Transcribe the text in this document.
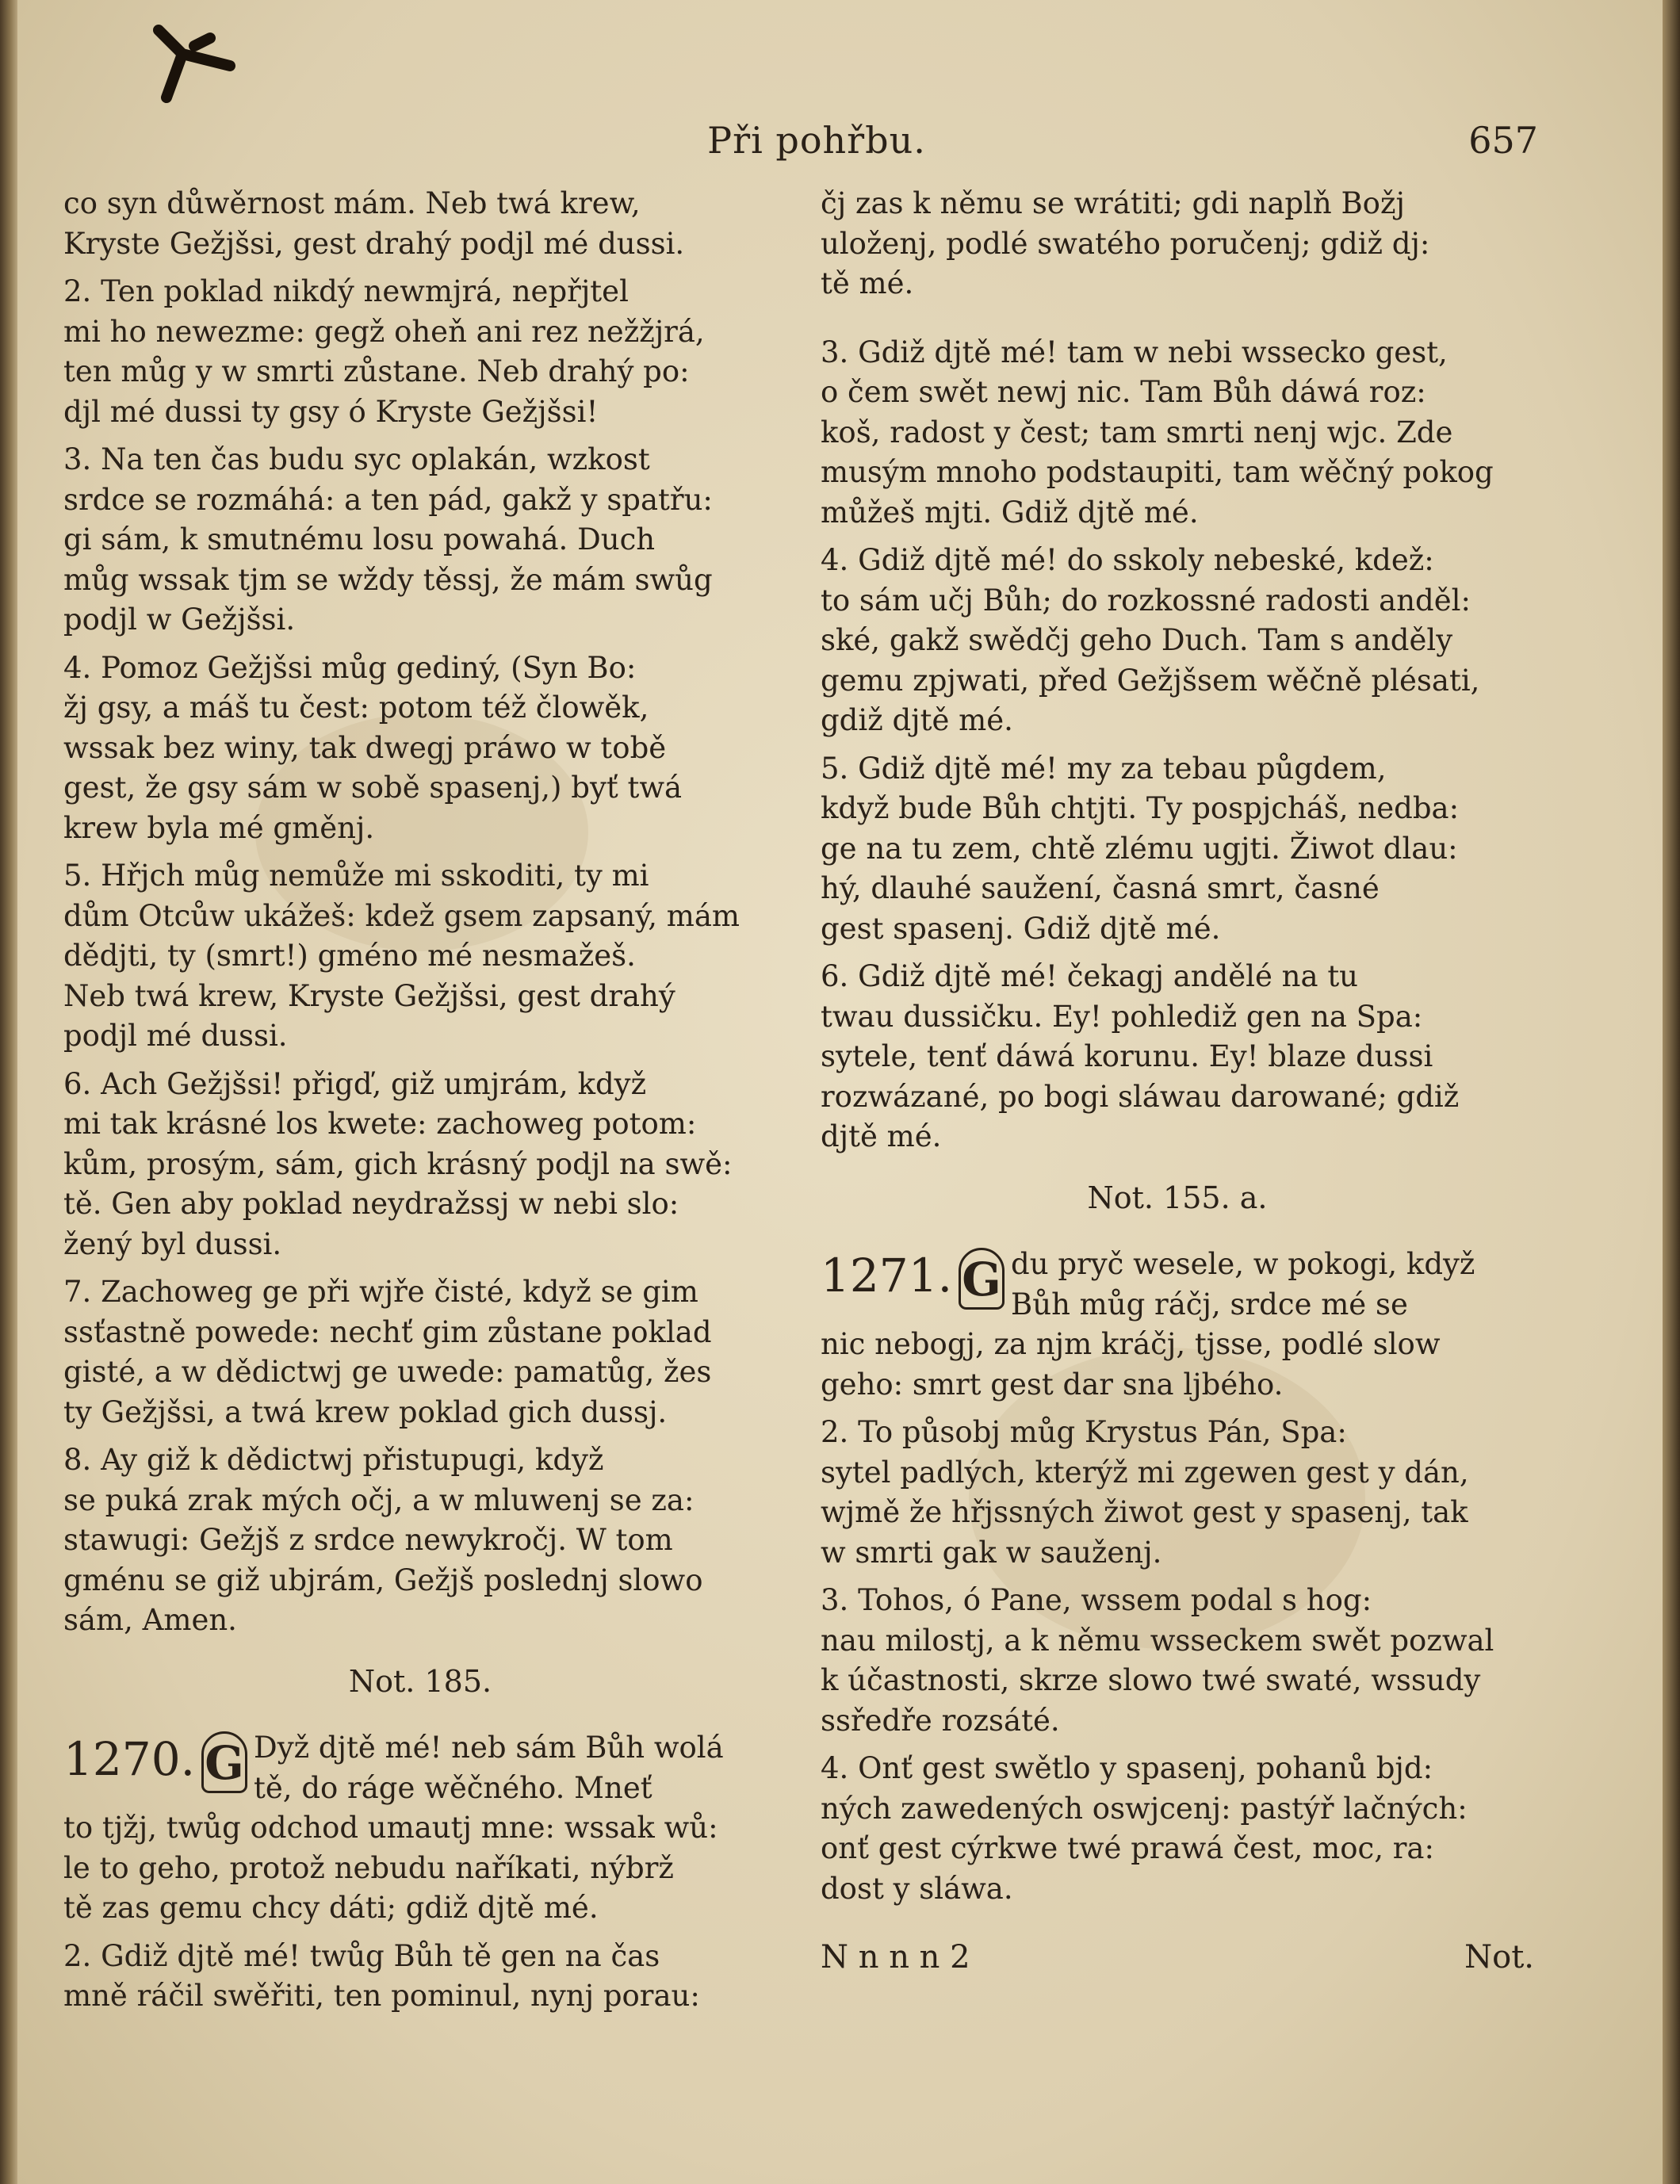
Při pohřbu.	657
co syn důwěrnost mám. Neb twá krew,
Kryste Gežjšsi, gest drahý podjl mé dussi.
2. Ten poklad nikdý newmjrá, nepřjtel
mi ho newezme: gegž oheň ani rez nežžjrá,
ten můg y w smrti zůstane. Neb drahý po:
djl mé dussi ty gsy ó Kryste Gežjšsi!
3. Na ten čas budu syc oplakán, wzkost
srdce se rozmáhá: a ten pád, gakž y spatřu:
gi sám, k smutnému losu powahá. Duch
můg wssak tjm se wždy těssj, že mám swůg
podjl w Gežjšsi.
4. Pomoz Gežjšsi můg gediný, (Syn Bo:
žj gsy, a máš tu čest: potom též člowěk,
wssak bez winy, tak dwegj práwo w tobě
gest, že gsy sám w sobě spasenj,) byť twá
krew byla mé gměnj.
5. Hřjch můg nemůže mi sskoditi, ty mi
dům Otcůw ukážeš: kdež gsem zapsaný, mám
dědjti, ty (smrt!) gméno mé nesmažeš.
Neb twá krew, Kryste Gežjšsi, gest drahý
podjl mé dussi.
6. Ach Gežjšsi! přigď, giž umjrám, když
mi tak krásné los kwete: zachoweg potom:
kům, prosým, sám, gich krásný podjl na swě:
tě. Gen aby poklad neydražssj w nebi slo:
žený byl dussi.
7. Zachoweg ge při wjře čisté, když se gim
ssťastně powede: nechť gim zůstane poklad
gisté, a w dědictwj ge uwede: pamatůg, žes
ty Gežjšsi, a twá krew poklad gich dussj.
8. Ay giž k dědictwj přistupugi, když
se puká zrak mých očj, a w mluwenj se za:
stawugi: Gežjš z srdce newykročj. W tom
gménu se giž ubjrám, Gežjš poslednj slowo
sám, Amen.
Not. 185.
1270. G Dyž djtě mé! neb sám Bůh wolá
tě, do ráge wěčného. Mneť
to tjžj, twůg odchod umautj mne: wssak wů:
le to geho, protož nebudu naříkati, nýbrž
tě zas gemu chcy dáti; gdiž djtě mé.
2. Gdiž djtě mé! twůg Bůh tě gen na čas
mně ráčil swěřiti, ten pominul, nynj porau:
čj zas k němu se wrátiti; gdi naplň Božj
uloženj, podlé swatého poručenj; gdiž dj:
tě mé.
3. Gdiž djtě mé! tam w nebi wssecko gest,
o čem swět newj nic. Tam Bůh dáwá roz:
koš, radost y čest; tam smrti nenj wjc. Zde
musým mnoho podstaupiti, tam wěčný pokog
můžeš mjti. Gdiž djtě mé.
4. Gdiž djtě mé! do sskoly nebeské, kdež:
to sám učj Bůh; do rozkossné radosti anděl:
ské, gakž swědčj geho Duch. Tam s anděly
gemu zpjwati, před Gežjšsem wěčně plésati,
gdiž djtě mé.
5. Gdiž djtě mé! my za tebau půgdem,
když bude Bůh chtjti. Ty pospjcháš, nedba:
ge na tu zem, chtě zlému ugjti. Žiwot dlau:
hý, dlauhé saužení, časná smrt, časné
gest spasenj. Gdiž djtě mé.
6. Gdiž djtě mé! čekagj andělé na tu
twau dussičku. Ey! pohlediž gen na Spa:
sytele, tenť dáwá korunu. Ey! blaze dussi
rozwázané, po bogi sláwau darowané; gdiž
djtě mé.
Not. 155. a.
1271. G du pryč wesele, w pokogi, když
Bůh můg ráčj, srdce mé se
nic nebogj, za njm kráčj, tjsse, podlé slow
geho: smrt gest dar sna ljbého.
2. To působj můg Krystus Pán, Spa:
sytel padlých, kterýž mi zgewen gest y dán,
wjmě že hřjssných žiwot gest y spasenj, tak
w smrti gak w sauženj.
3. Tohos, ó Pane, wssem podal s hog:
nau milostj, a k němu wsseckem swět pozwal
k účastnosti, skrze slowo twé swaté, wssudy
ssředře rozsáté.
4. Onť gest swětlo y spasenj, pohanů bjd:
ných zawedených oswjcenj: pastýř lačných:
onť gest cýrkwe twé prawá čest, moc, ra:
dost y sláwa.
N n n n 2	Not.
